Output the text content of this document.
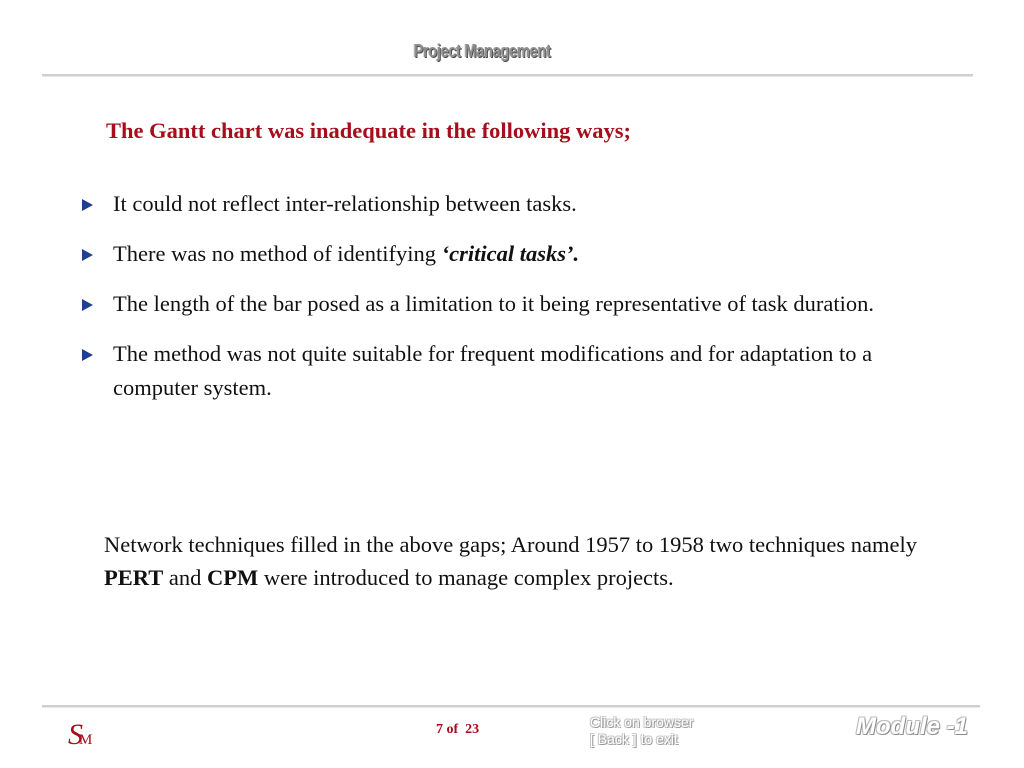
Project Management
The Gantt chart was inadequate in the following ways;
It could not reflect inter-relationship between tasks.
There was no method of identifying ‘critical tasks’.
The length of the bar posed as a limitation to it being representative of task duration.
The method was not quite suitable for frequent modifications and for adaptation to a computer system.

Network techniques filled in the above gaps; Around 1957 to 1958 two techniques namely PERT and CPM were introduced to manage complex projects.

SM
7 of 23	Click on browser
[ Back ] to exit	Module -1
